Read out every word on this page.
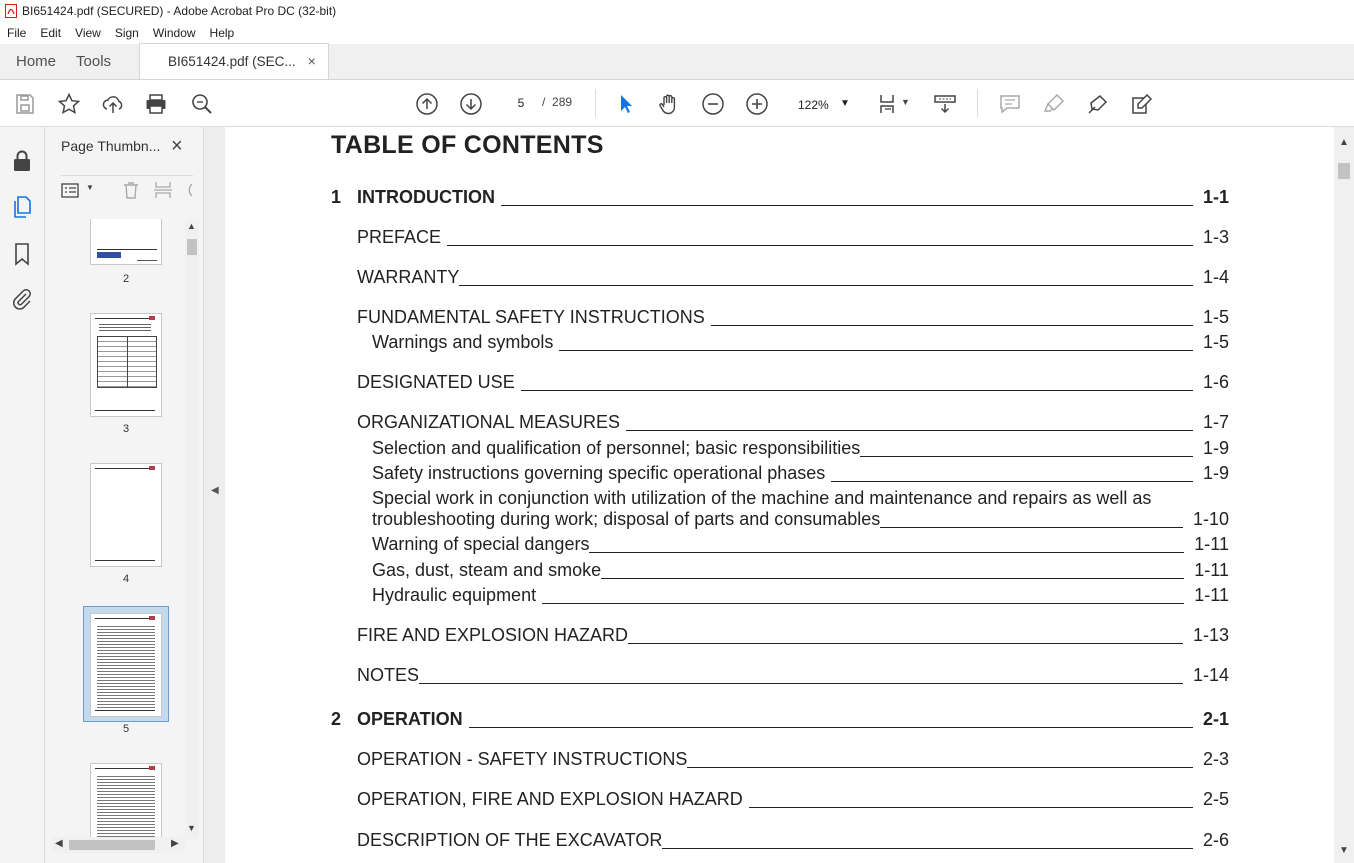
BI651424.pdf (SECURED) - Adobe Acrobat Pro DC (32-bit)
File	Edit	View	Sign	Window	Help
Home	Tools	BI651424.pdf (SEC... ×
5	/ 289	122% ▼	▼
Page Thumbn... ×
▼
2
3
4
5
▲
▼
◀	▶
◀
TABLE OF CONTENTS
1 INTRODUCTION	1-1
PREFACE	1-3
WARRANTY	1-4
FUNDAMENTAL SAFETY INSTRUCTIONS	1-5
Warnings and symbols	1-5
DESIGNATED USE	1-6
ORGANIZATIONAL MEASURES	1-7
Selection and qualification of personnel; basic responsibilities	1-9
Safety instructions governing specific operational phases	1-9
Special work in conjunction with utilization of the machine and maintenance and repairs as well as
troubleshooting during work; disposal of parts and consumables	1-10
Warning of special dangers	1-11
Gas, dust, steam and smoke	1-11
Hydraulic equipment	1-11
FIRE AND EXPLOSION HAZARD	1-13
NOTES	1-14
2 OPERATION	2-1
OPERATION - SAFETY INSTRUCTIONS	2-3
OPERATION, FIRE AND EXPLOSION HAZARD	2-5
DESCRIPTION OF THE EXCAVATOR	2-6
▲
▼
